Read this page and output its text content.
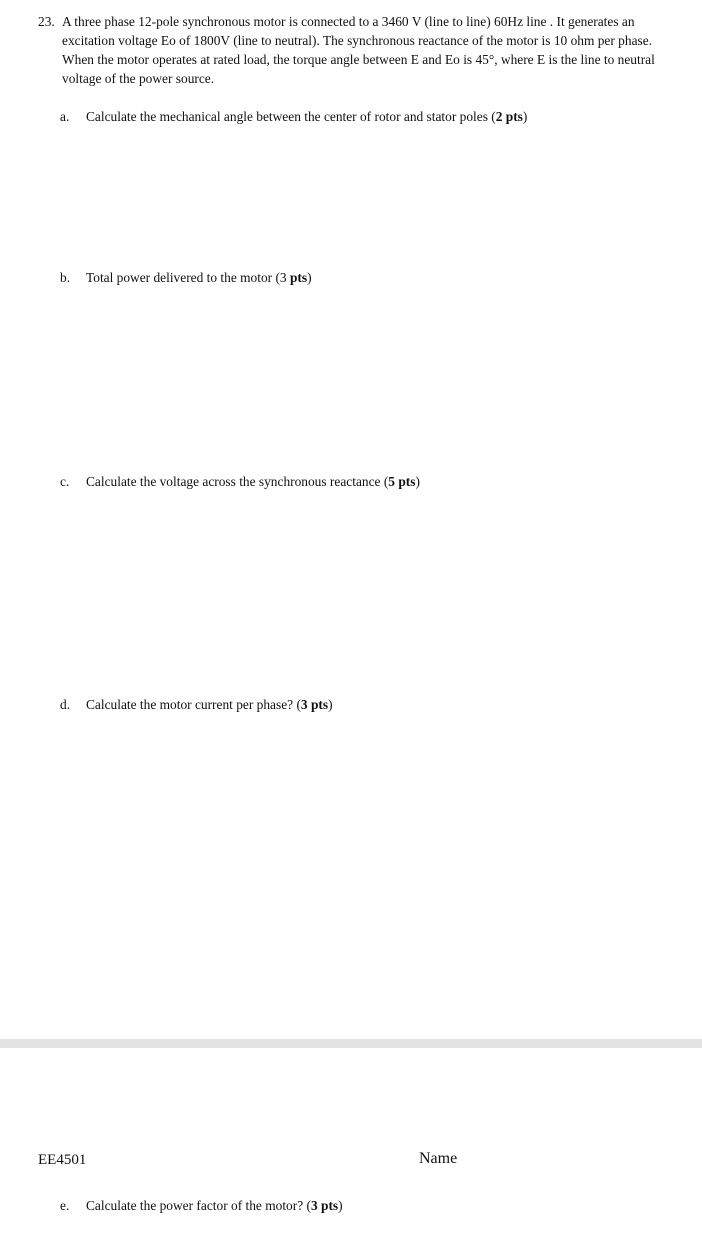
23. A three phase 12-pole synchronous motor is connected to a 3460 V (line to line) 60Hz line . It generates an excitation voltage Eo of 1800V (line to neutral). The synchronous reactance of the motor is 10 ohm per phase. When the motor operates at rated load, the torque angle between E and Eo is 45°, where E is the line to neutral voltage of the power source.
a. Calculate the mechanical angle between the center of rotor and stator poles (2 pts)
b. Total power delivered to the motor (3 pts)
c. Calculate the voltage across the synchronous reactance (5 pts)
d. Calculate the motor current per phase? (3 pts)
EE4501	Name
e. Calculate the power factor of the motor? (3 pts)
